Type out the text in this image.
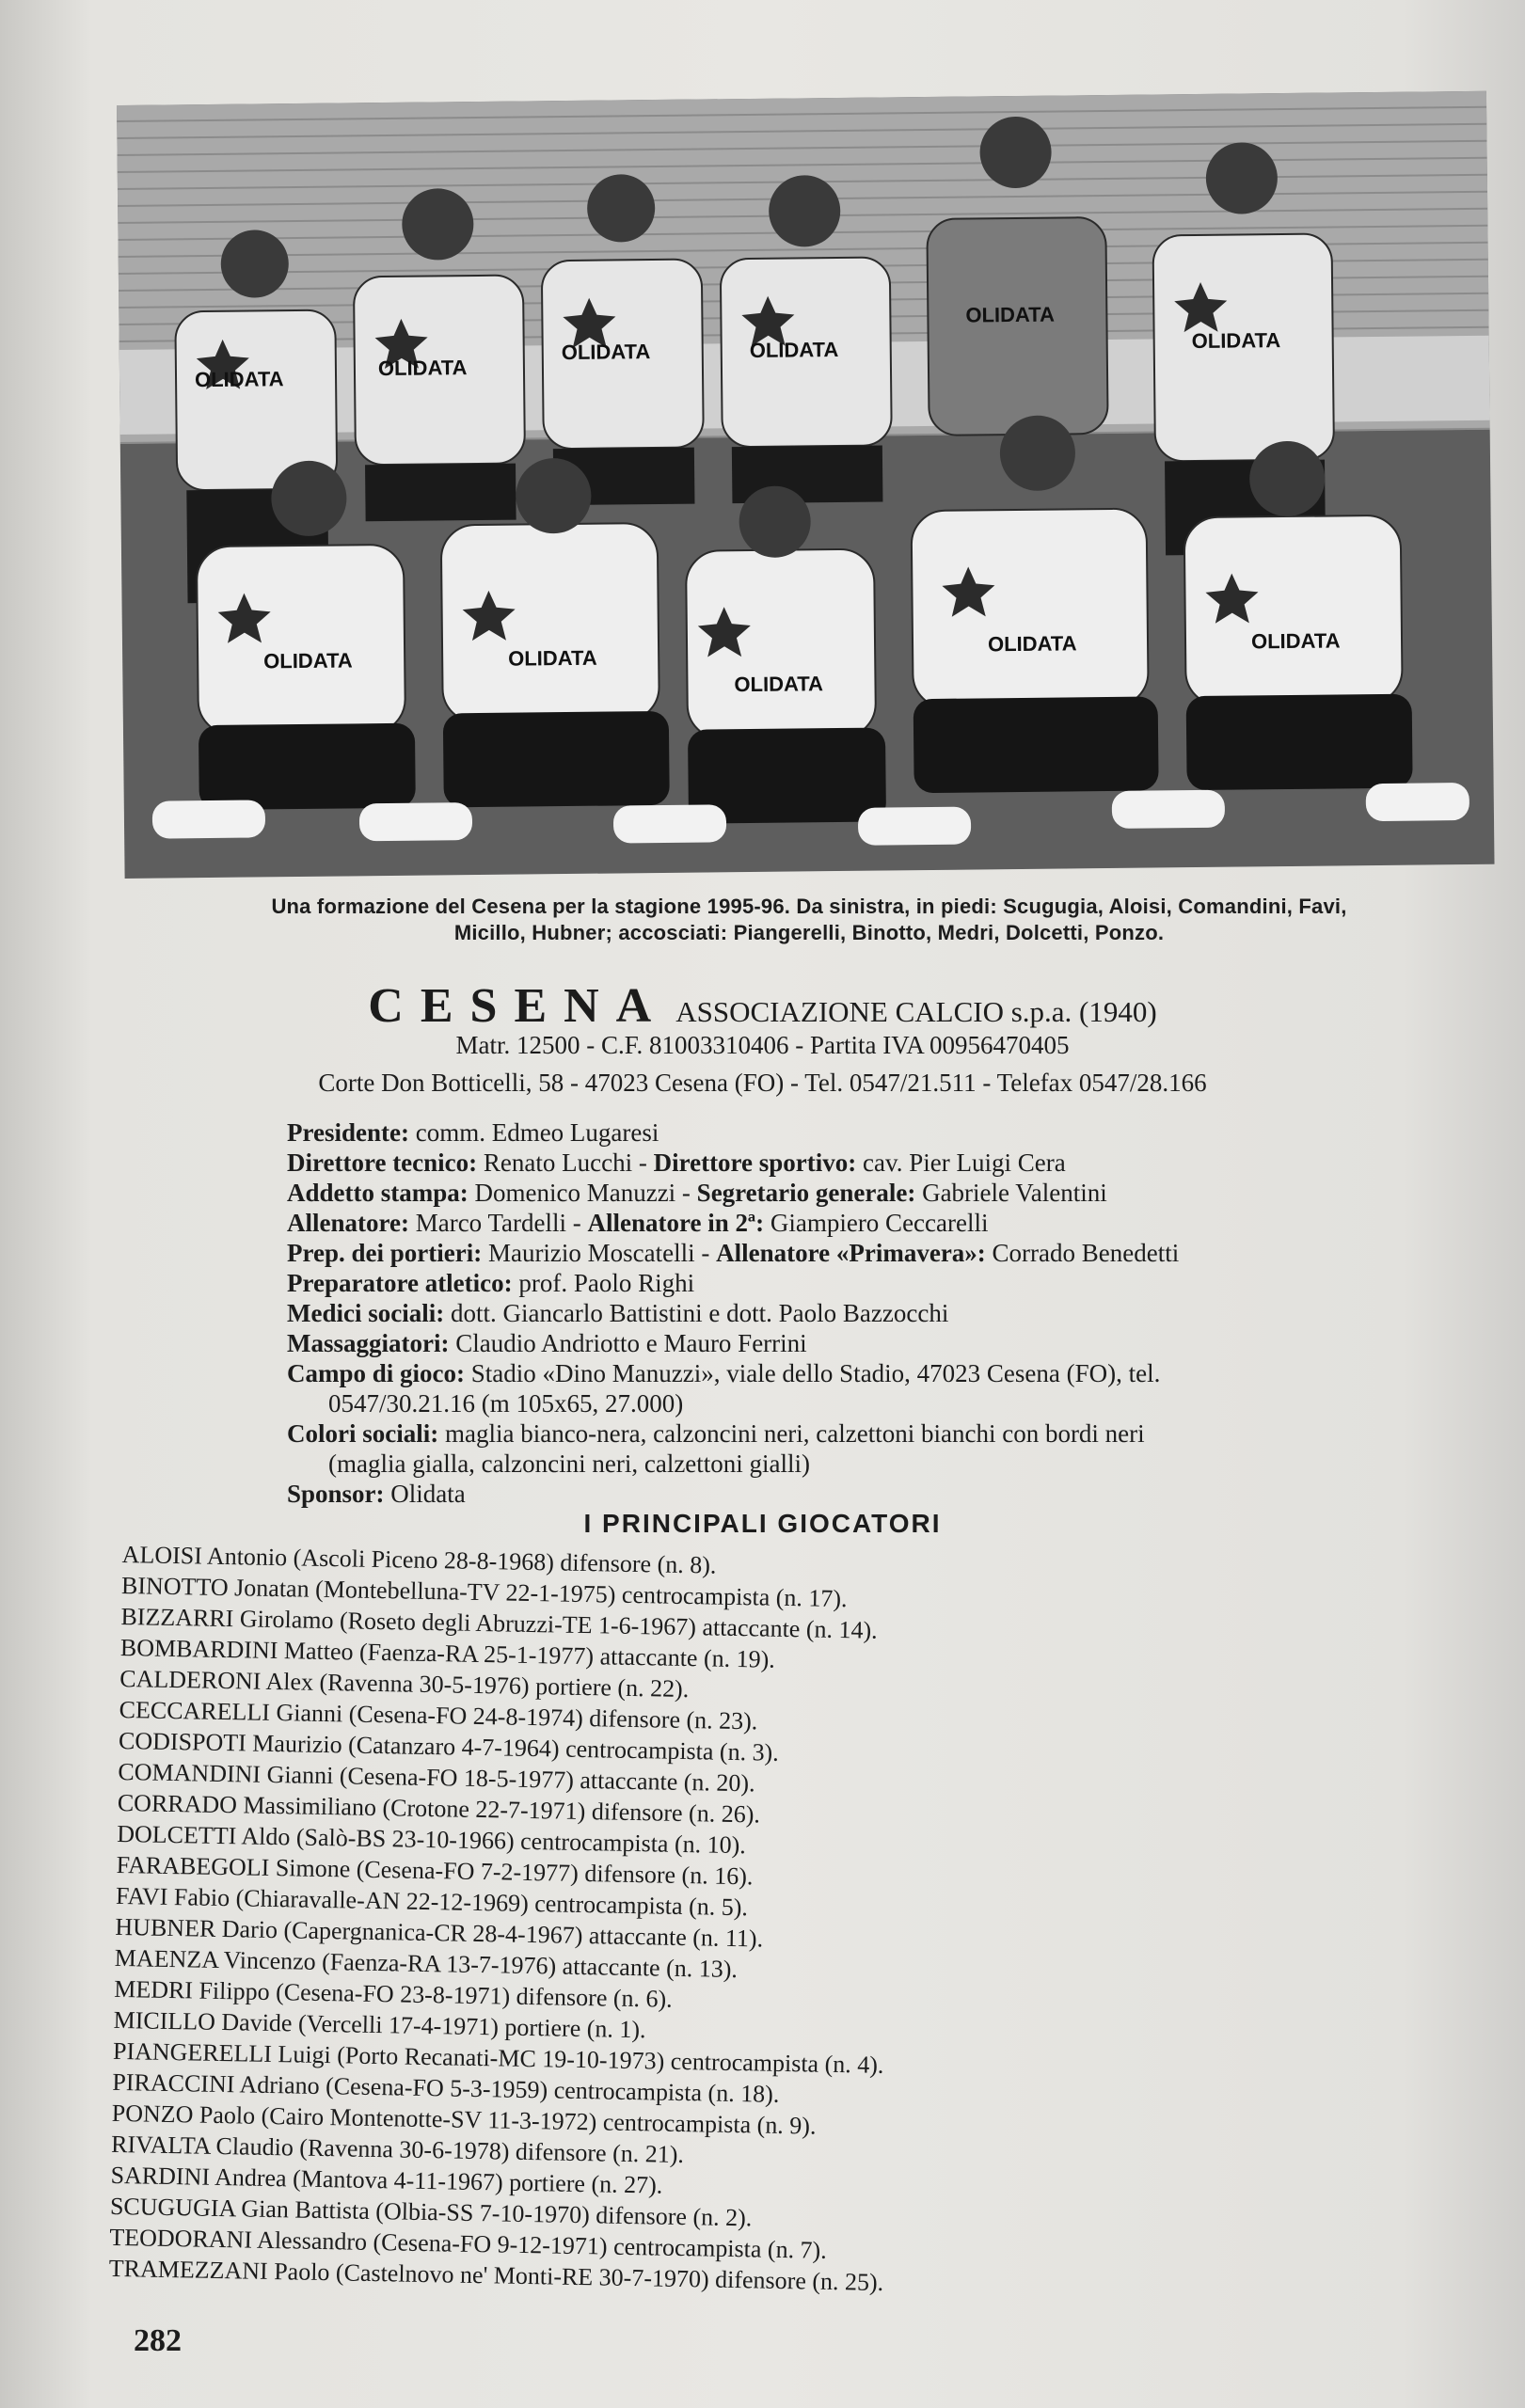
OLIDATA	OLIDATA
OLIDATA	OLIDATA
OLIDATA
OLIDATA
OLIDATA	OLIDATA
OLIDATA
OLIDATA	OLIDATA
Una formazione del Cesena per la stagione 1995-96. Da sinistra, in piedi: Scugugia, Aloisi, Comandini, Favi,
Micillo, Hubner; accosciati: Piangerelli, Binotto, Medri, Dolcetti, Ponzo.
CESENA ASSOCIAZIONE CALCIO s.p.a. (1940)
Matr. 12500 - C.F. 81003310406 - Partita IVA 00956470405
Corte Don Botticelli, 58 - 47023 Cesena (FO) - Tel. 0547/21.511 - Telefax 0547/28.166
Presidente: comm. Edmeo Lugaresi
Direttore tecnico: Renato Lucchi - Direttore sportivo: cav. Pier Luigi Cera
Addetto stampa: Domenico Manuzzi - Segretario generale: Gabriele Valentini
Allenatore: Marco Tardelli - Allenatore in 2ª: Giampiero Ceccarelli
Prep. dei portieri: Maurizio Moscatelli - Allenatore «Primavera»: Corrado Benedetti
Preparatore atletico: prof. Paolo Righi
Medici sociali: dott. Giancarlo Battistini e dott. Paolo Bazzocchi
Massaggiatori: Claudio Andriotto e Mauro Ferrini
Campo di gioco: Stadio «Dino Manuzzi», viale dello Stadio, 47023 Cesena (FO), tel.
0547/30.21.16 (m 105x65, 27.000)
Colori sociali: maglia bianco-nera, calzoncini neri, calzettoni bianchi con bordi neri
(maglia gialla, calzoncini neri, calzettoni gialli)
Sponsor: Olidata
I PRINCIPALI GIOCATORI
ALOISI Antonio (Ascoli Piceno 28-8-1968) difensore (n. 8).
BINOTTO Jonatan (Montebelluna-TV 22-1-1975) centrocampista (n. 17).
BIZZARRI Girolamo (Roseto degli Abruzzi-TE 1-6-1967) attaccante (n. 14).
BOMBARDINI Matteo (Faenza-RA 25-1-1977) attaccante (n. 19).
CALDERONI Alex (Ravenna 30-5-1976) portiere (n. 22).
CECCARELLI Gianni (Cesena-FO 24-8-1974) difensore (n. 23).
CODISPOTI Maurizio (Catanzaro 4-7-1964) centrocampista (n. 3).
COMANDINI Gianni (Cesena-FO 18-5-1977) attaccante (n. 20).
CORRADO Massimiliano (Crotone 22-7-1971) difensore (n. 26).
DOLCETTI Aldo (Salò-BS 23-10-1966) centrocampista (n. 10).
FARABEGOLI Simone (Cesena-FO 7-2-1977) difensore (n. 16).
FAVI Fabio (Chiaravalle-AN 22-12-1969) centrocampista (n. 5).
HUBNER Dario (Capergnanica-CR 28-4-1967) attaccante (n. 11).
MAENZA Vincenzo (Faenza-RA 13-7-1976) attaccante (n. 13).
MEDRI Filippo (Cesena-FO 23-8-1971) difensore (n. 6).
MICILLO Davide (Vercelli 17-4-1971) portiere (n. 1).
PIANGERELLI Luigi (Porto Recanati-MC 19-10-1973) centrocampista (n. 4).
PIRACCINI Adriano (Cesena-FO 5-3-1959) centrocampista (n. 18).
PONZO Paolo (Cairo Montenotte-SV 11-3-1972) centrocampista (n. 9).
RIVALTA Claudio (Ravenna 30-6-1978) difensore (n. 21).
SARDINI Andrea (Mantova 4-11-1967) portiere (n. 27).
SCUGUGIA Gian Battista (Olbia-SS 7-10-1970) difensore (n. 2).
TEODORANI Alessandro (Cesena-FO 9-12-1971) centrocampista (n. 7).
TRAMEZZANI Paolo (Castelnovo ne' Monti-RE 30-7-1970) difensore (n. 25).
282
